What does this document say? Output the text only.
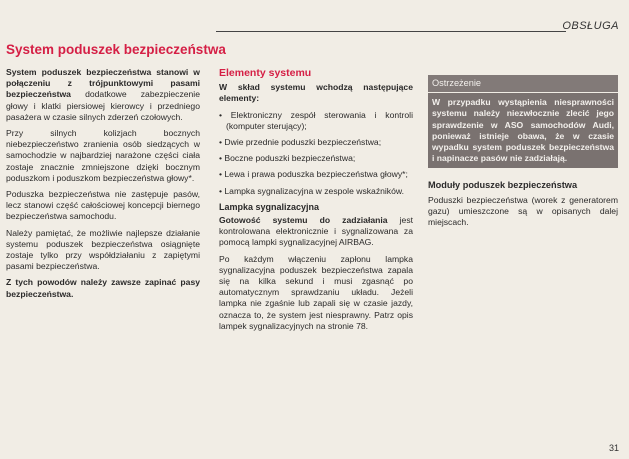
OBSŁUGA
System poduszek bezpieczeństwa

System poduszek bezpieczeństwa stanowi w połączeniu z trójpunktowymi pasami bezpieczeństwa dodatkowe zabezpieczenie głowy i klatki piersiowej kierowcy i przedniego pasażera w czasie silnych zderzeń czołowych.

Przy silnych kolizjach bocznych niebezpieczeństwo zranienia osób siedzących w samochodzie w najbardziej narażone części ciała zostaje znacznie zmniejszone dzięki bocznym poduszkom i poduszkom bezpieczeństwa głowy*.

Poduszka bezpieczeństwa nie zastępuje pasów, lecz stanowi część całościowej koncepcji biernego bezpieczeństwa samochodu.

Należy pamiętać, że możliwie najlepsze działanie systemu poduszek bezpieczeństwa osiągnięte zostaje tylko przy współdziałaniu z zapiętymi pasami bezpieczeństwa.

Z tych powodów należy zawsze zapinać pasy bezpieczeństwa.

Elementy systemu

W skład systemu wchodzą następujące elementy:

• Elektroniczny zespół sterowania i kontroli (komputer sterujący);

• Dwie przednie poduszki bezpieczeństwa;

• Boczne poduszki bezpieczeństwa;

• Lewa i prawa poduszka bezpieczeństwa głowy*;

• Lampka sygnalizacyjna w zespole wskaźników.

Lampka sygnalizacyjna

Gotowość systemu do zadziałania jest kontrolowana elektronicznie i sygnalizowana za pomocą lampki sygnalizacyjnej AIRBAG.

Po każdym włączeniu zapłonu lampka sygnalizacyjna poduszek bezpieczeństwa zapala się na kilka sekund i musi zgasnąć po automatycznym sprawdzaniu układu. Jeżeli lampka nie zgaśnie lub zapali się w czasie jazdy, oznacza to, że system jest niesprawny. Patrz opis lampek sygnalizacyjnych na stronie 78.

Ostrzeżenie
W przypadku wystąpienia niesprawności systemu należy niezwłocznie zlecić jego sprawdzenie w ASO samochodów Audi, ponieważ istnieje obawa, że w czasie wypadku system poduszek bezpieczeństwa i napinacze pasów nie zadziałają.
Moduły poduszek bezpieczeństwa

Poduszki bezpieczeństwa (worek z generatorem gazu) umieszczone są w opisanych dalej miejscach.

31
